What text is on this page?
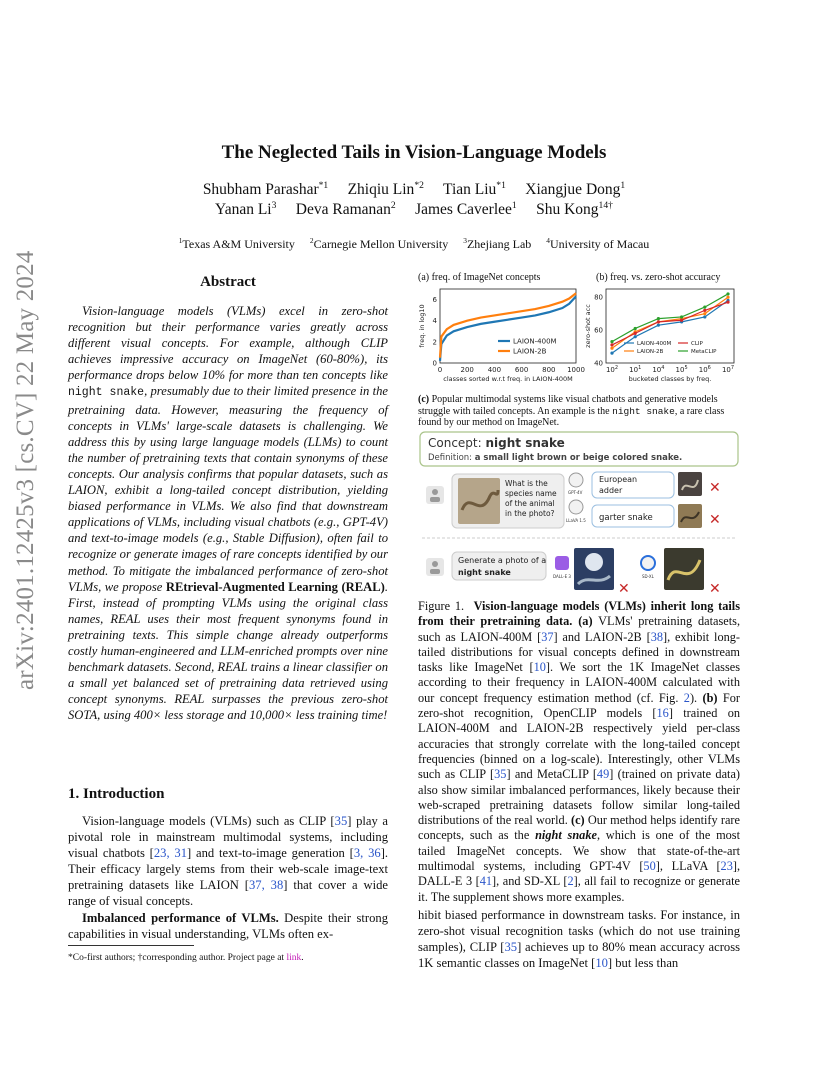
arXiv:2401.12425v3 [cs.CV] 22 May 2024
The Neglected Tails in Vision-Language Models
Shubham Parashar$^{*1}$ Zhiqiu Lin$^{*2}$ Tian Liu$^{*1}$ Xiangjue Dong$^1$
Yanan Li$^3$ Deva Ramanan$^2$ James Caverlee$^1$ Shu Kong$^{14\dagger}$
$^1$Texas A&M University $^2$Carnegie Mellon University $^3$Zhejiang Lab $^4$University of Macau
Abstract
Vision-language models (VLMs) excel in zero-shot recognition but their performance varies greatly across different visual concepts. For example, although CLIP achieves impressive accuracy on ImageNet (60-80%), its performance drops below 10% for more than ten concepts like night snake, presumably due to their limited presence in the pretraining data. However, measuring the frequency of concepts in VLMs' large-scale datasets is challenging. We address this by using large language models (LLMs) to count the number of pretraining texts that contain synonyms of these concepts. Our analysis confirms that popular datasets, such as LAION, exhibit a long-tailed concept distribution, yielding biased performance in VLMs. We also find that downstream applications of VLMs, including visual chatbots (e.g., GPT-4V) and text-to-image models (e.g., Stable Diffusion), often fail to recognize or generate images of rare concepts identified by our method. To mitigate the imbalanced performance of zero-shot VLMs, we propose REtrieval-Augmented Learning (REAL). First, instead of prompting VLMs using the original class names, REAL uses their most frequent synonyms found in pretraining texts. This simple change already outperforms costly human-engineered and LLM-enriched prompts over nine benchmark datasets. Second, REAL trains a linear classifier on a small yet balanced set of pretraining data retrieved using concept synonyms. REAL surpasses the previous zero-shot SOTA, using 400× less storage and 10,000× less training time!
1. Introduction

Vision-language models (VLMs) such as CLIP [35] play a pivotal role in mainstream multimodal systems, including visual chatbots [23, 31] and text-to-image generation [3, 36]. Their efficacy largely stems from their web-scale image-text pretraining datasets like LAION [37, 38] that cover a wide range of visual concepts.

Imbalanced performance of VLMs. Despite their strong capabilities in visual understanding, VLMs often ex-

*Co-first authors; †corresponding author. Project page at link.
(a) freq. of ImageNet concepts	(b) freq. vs. zero-shot accuracy
0	200 400 600 800 1000
0
2
4
6
classes sorted w.r.t freq. in LAION-400M
freq. in log10	LAION-400M
LAION-2B
$10^2$ $10^1$ $10^4$ $10^5$ $10^6$ $10^7$
40
60
80
bucketed classes by freq.
zero-shot acc	LAION-400M
LAION-2B
CLIP
MetaCLIP
(c) Popular multimodal systems like visual chatbots and generative models struggle with tailed concepts. An example is the night snake, a rare class found by our method on ImageNet.
Concept: night snake
Definition: a small light brown or beige colored snake.
What is the
species name
of the animal
in the photo?
GPT-4V
LLaVA 1.5
European
adder
garter snake
✕
✕
Generate a photo of a
night snake	DALL-E 3
✕
SD-XL
✕
Figure 1. Vision-language models (VLMs) inherit long tails from their pretraining data. (a) VLMs' pretraining datasets, such as LAION-400M [37] and LAION-2B [38], exhibit long-tailed distributions for visual concepts defined in downstream tasks like ImageNet [10]. We sort the 1K ImageNet classes according to their frequency in LAION-400M calculated with our concept frequency estimation method (cf. Fig. 2). (b) For zero-shot recognition, OpenCLIP models [16] trained on LAION-400M and LAION-2B respectively yield per-class accuracies that strongly correlate with the long-tailed concept frequencies (binned on a log-scale). Interestingly, other VLMs such as CLIP [35] and MetaCLIP [49] (trained on private data) also show similar imbalanced performances, likely because their web-scraped pretraining datasets follow similar long-tailed distributions of the real world. (c) Our method helps identify rare concepts, such as the night snake, which is one of the most tailed ImageNet concepts. We show that state-of-the-art multimodal systems, including GPT-4V [50], LLaVA [23], DALL-E 3 [41], and SD-XL [2], all fail to recognize or generate it. The supplement shows more examples.
hibit biased performance in downstream tasks. For instance, in zero-shot visual recognition tasks (which do not use training samples), CLIP [35] achieves up to 80% mean accuracy across 1K semantic classes on ImageNet [10] but less than
